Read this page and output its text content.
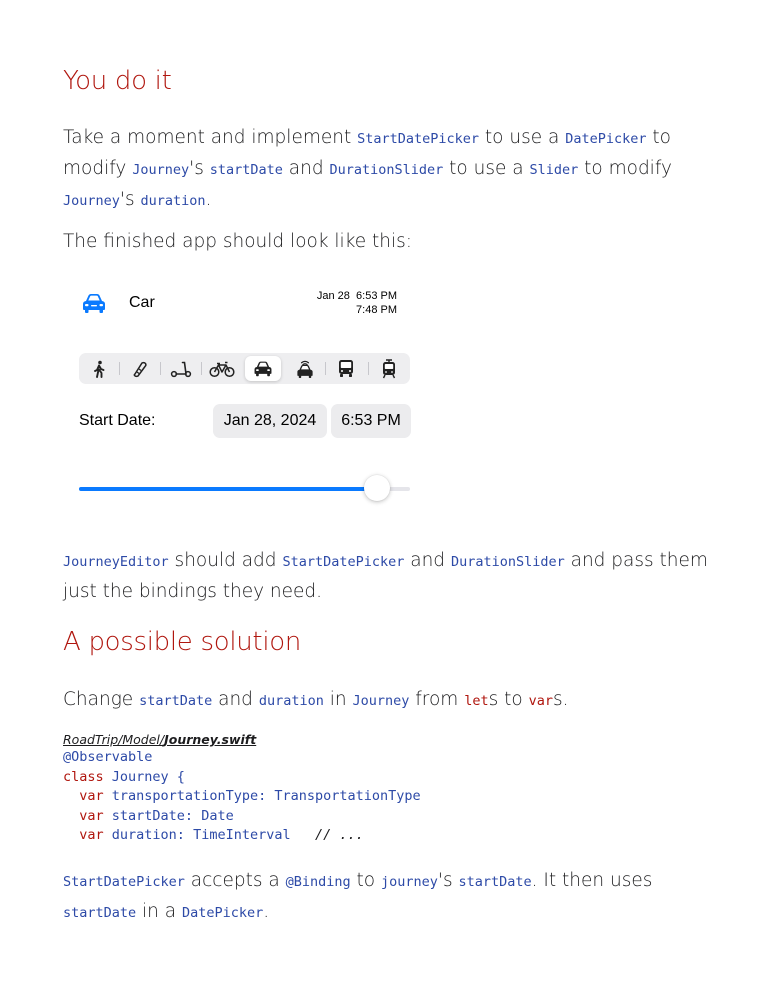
You do it

Take a moment and implement StartDatePicker to use a DatePicker to modify Journey's startDate and DurationSlider to use a Slider to modify Journey's duration.

The finished app should look like this:

Car	Jan 28 6:53 PM
7:48 PM
Start Date:	Jan 28, 2024	6:53 PM

JourneyEditor should add StartDatePicker and DurationSlider and pass them just the bindings they need.

A possible solution

Change startDate and duration in Journey from lets to vars.

RoadTrip/Model/Journey.swift
@Observable
class Journey {
var transportationType: TransportationType
var startDate: Date
var duration: TimeInterval   // ...

StartDatePicker accepts a @Binding to journey's startDate. It then uses startDate in a DatePicker.
